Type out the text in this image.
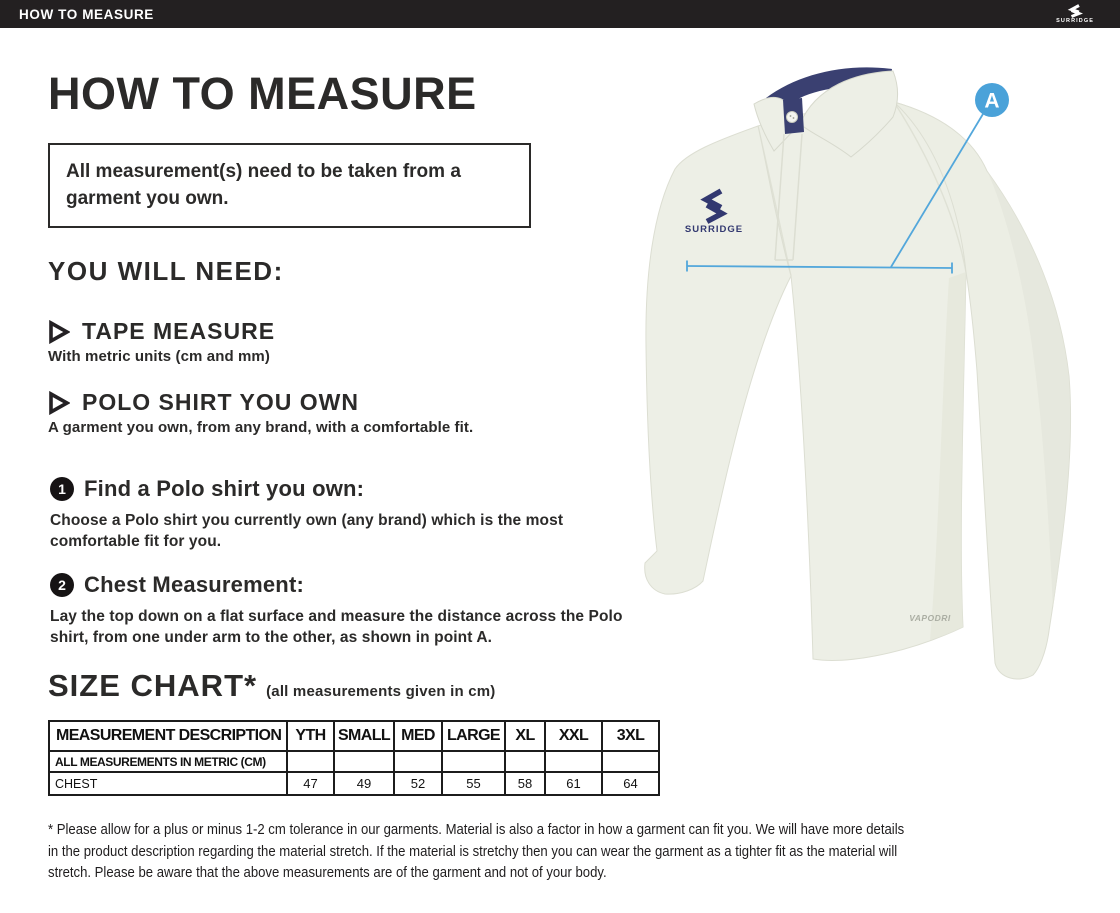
HOW TO MEASURE	SURRIDGE
HOW TO MEASURE
All measurement(s) need to be taken from a garment you own.
YOU WILL NEED:
TAPE MEASURE
With metric units (cm and mm)
POLO SHIRT YOU OWN
A garment you own, from any brand, with a comfortable fit.
1 Find a Polo shirt you own:
Choose a Polo shirt you currently own (any brand) which is the most comfortable fit for you.
2 Chest Measurement:
Lay the top down on a flat surface and measure the distance across the Polo shirt, from one under arm to the other, as shown in point A.
SIZE CHART* (all measurements given in cm)
MEASUREMENT DESCRIPTION	YTH	SMALL	MED	LARGE	XL	XXL	3XL
ALL MEASUREMENTS IN METRIC (CM)							
CHEST	47	49	52	55	58	61	64

* Please allow for a plus or minus 1-2 cm tolerance in our garments. Material is also a factor in how a garment can fit you. We will have more details in the product description regarding the material stretch. If the material is stretchy then you can wear the garment as a tighter fit as the material will stretch. Please be aware that the above measurements are of the garment and not of your body.

SURRIDGE
VAPODRI
A
